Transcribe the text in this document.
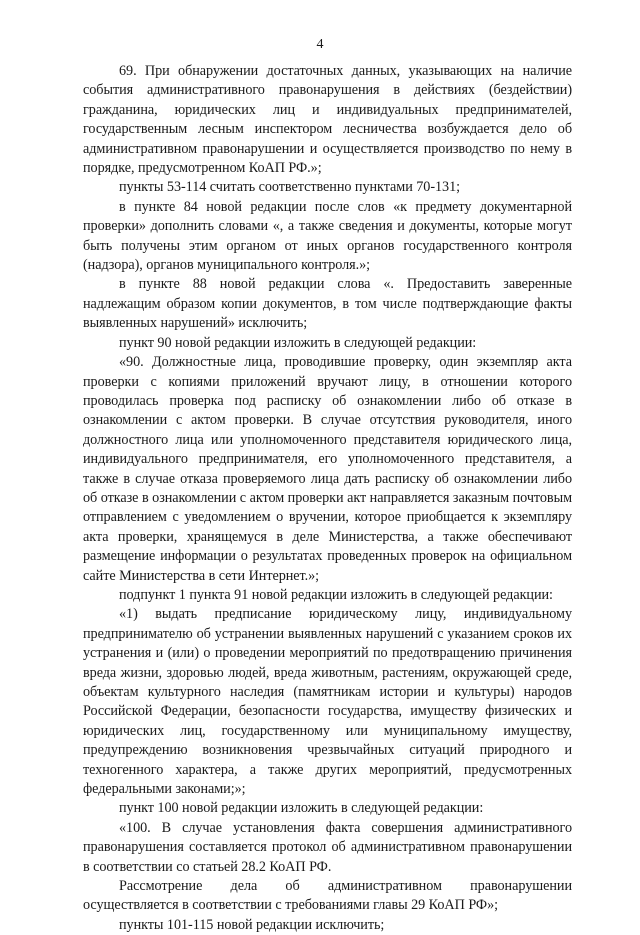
4

69. При обнаружении достаточных данных, указывающих на наличие события административного правонарушения в действиях (бездействии) гражданина, юридических лиц и индивидуальных предпринимателей, государственным лесным инспектором лесничества возбуждается дело об административном правонарушении и осуществляется производство по нему в порядке, предусмотренном КоАП РФ.»;

пункты 53-114 считать соответственно пунктами 70-131;

в пункте 84 новой редакции после слов «к предмету документарной проверки» дополнить словами «, а также сведения и документы, которые могут быть получены этим органом от иных органов государственного контроля (надзора), органов муниципального контроля.»;

в пункте 88 новой редакции слова «. Предоставить заверенные надлежащим образом копии документов, в том числе подтверждающие факты выявленных нарушений» исключить;

пункт 90 новой редакции изложить в следующей редакции:

«90. Должностные лица, проводившие проверку, один экземпляр акта проверки с копиями приложений вручают лицу, в отношении которого проводилась проверка под расписку об ознакомлении либо об отказе в ознакомлении с актом проверки. В случае отсутствия руководителя, иного должностного лица или уполномоченного представителя юридического лица, индивидуального предпринимателя, его уполномоченного представителя, а также в случае отказа проверяемого лица дать расписку об ознакомлении либо об отказе в ознакомлении с актом проверки акт направляется заказным почтовым отправлением с уведомлением о вручении, которое приобщается к экземпляру акта проверки, хранящемуся в деле Министерства, а также обеспечивают размещение информации о результатах проведенных проверок на официальном сайте Министерства в сети Интернет.»;

подпункт 1 пункта 91 новой редакции изложить в следующей редакции:

«1) выдать предписание юридическому лицу, индивидуальному предпринимателю об устранении выявленных нарушений с указанием сроков их устранения и (или) о проведении мероприятий по предотвращению причинения вреда жизни, здоровью людей, вреда животным, растениям, окружающей среде, объектам культурного наследия (памятникам истории и культуры) народов Российской Федерации, безопасности государства, имуществу физических и юридических лиц, государственному или муниципальному имуществу, предупреждению возникновения чрезвычайных ситуаций природного и техногенного характера, а также других мероприятий, предусмотренных федеральными законами;»;

пункт 100 новой редакции изложить в следующей редакции:

«100. В случае установления факта совершения административного правонарушения составляется протокол об административном правонарушении в соответствии со статьей 28.2 КоАП РФ.

Рассмотрение дела об административном правонарушении осуществляется в соответствии с требованиями главы 29 КоАП РФ»;

пункты 101-115 новой редакции исключить;
